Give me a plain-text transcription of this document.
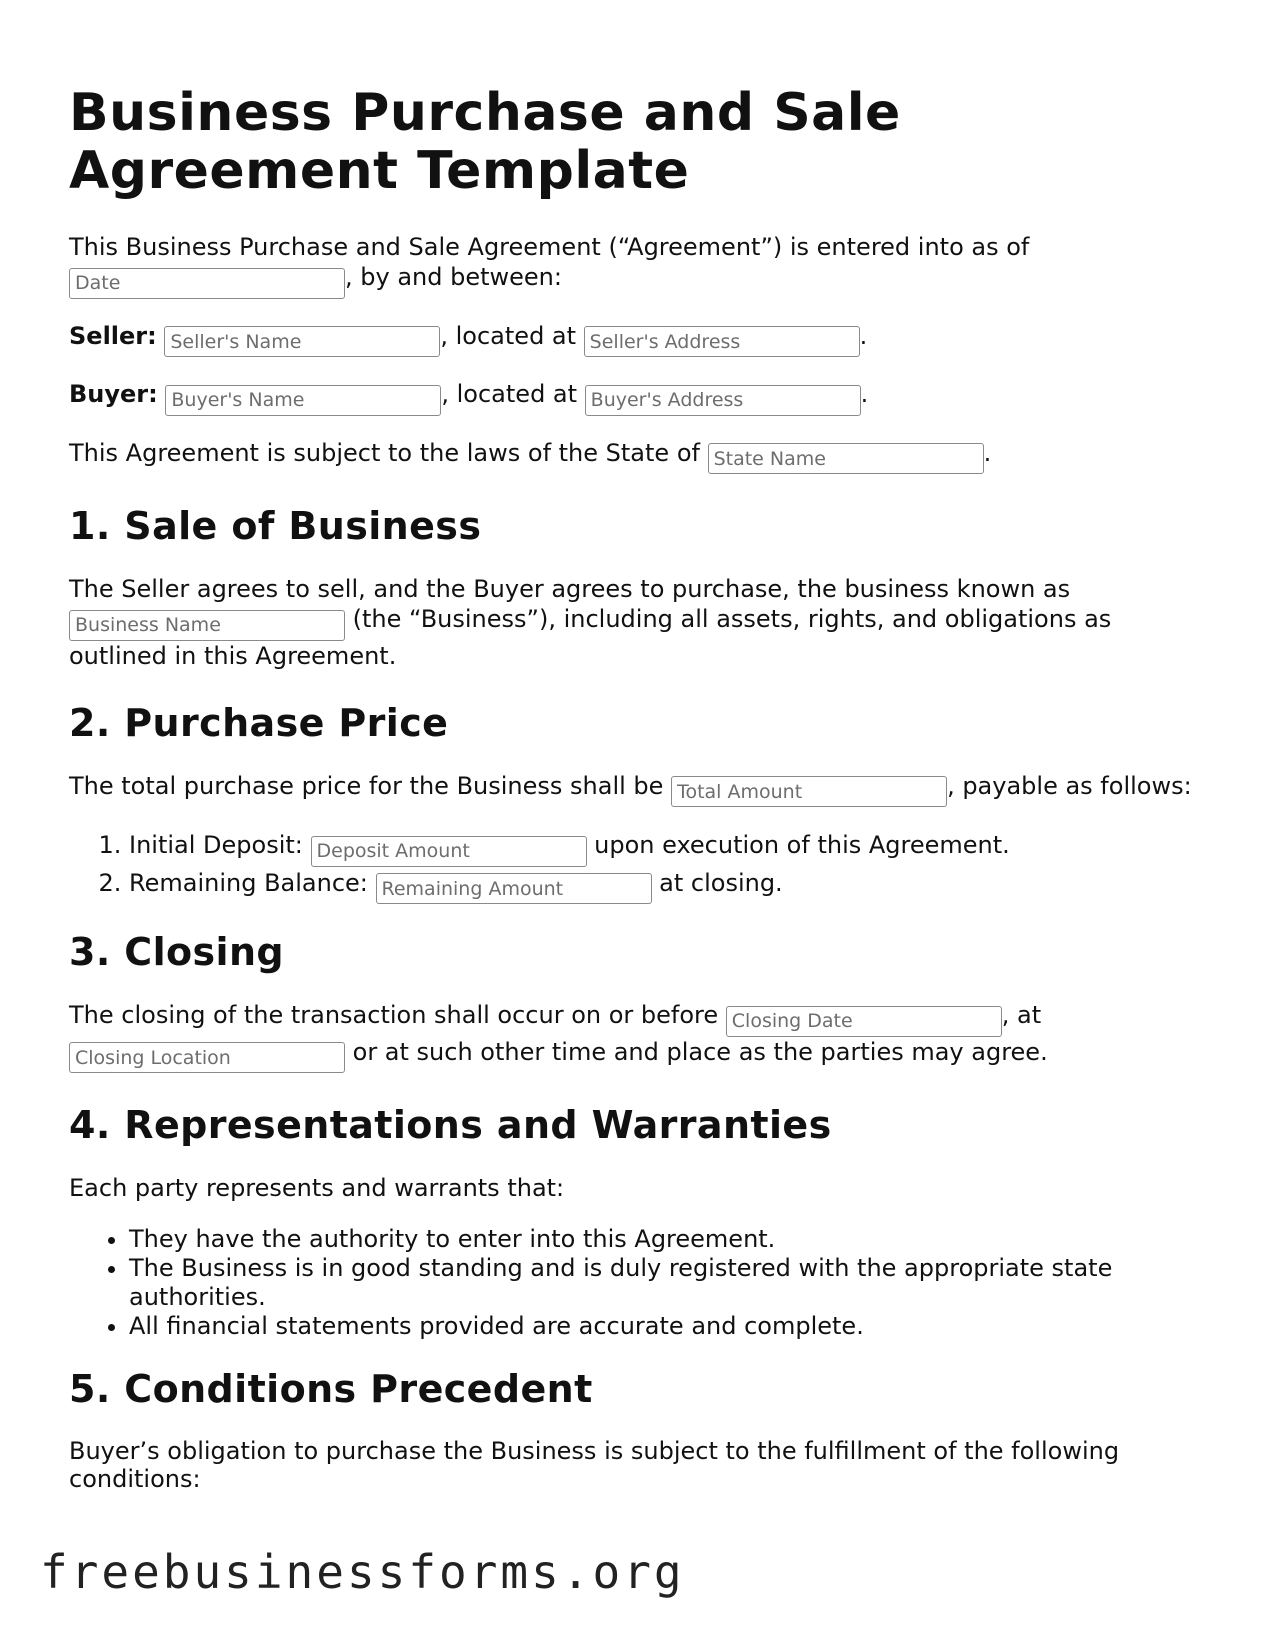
Business Purchase and Sale Agreement Template

This Business Purchase and Sale Agreement (“Agreement”) is entered into as of Date, by and between:

Seller: Seller's Name	, located at Seller's Address	.

Buyer: Buyer's Name	, located at Buyer's Address	.

This Agreement is subject to the laws of the State of State Name	.

1. Sale of Business

The Seller agrees to sell, and the Buyer agrees to purchase, the business known as Business Name (the “Business”), including all assets, rights, and obligations as outlined in this Agreement.

2. Purchase Price

The total purchase price for the Business shall be Total Amount	, payable as follows:

1. Initial Deposit: Deposit Amount	upon execution of this Agreement.
2. Remaining Balance: Remaining Amount	at closing.
3. Closing

The closing of the transaction shall occur on or before Closing Date	, at Closing Location or at such other time and place as the parties may agree.

4. Representations and Warranties

Each party represents and warrants that:

• They have the authority to enter into this Agreement.
• The Business is in good standing and is duly registered with the appropriate state authorities.
• All financial statements provided are accurate and complete.
5. Conditions Precedent

Buyer’s obligation to purchase the Business is subject to the fulfillment of the following conditions:

freebusinessforms.org
